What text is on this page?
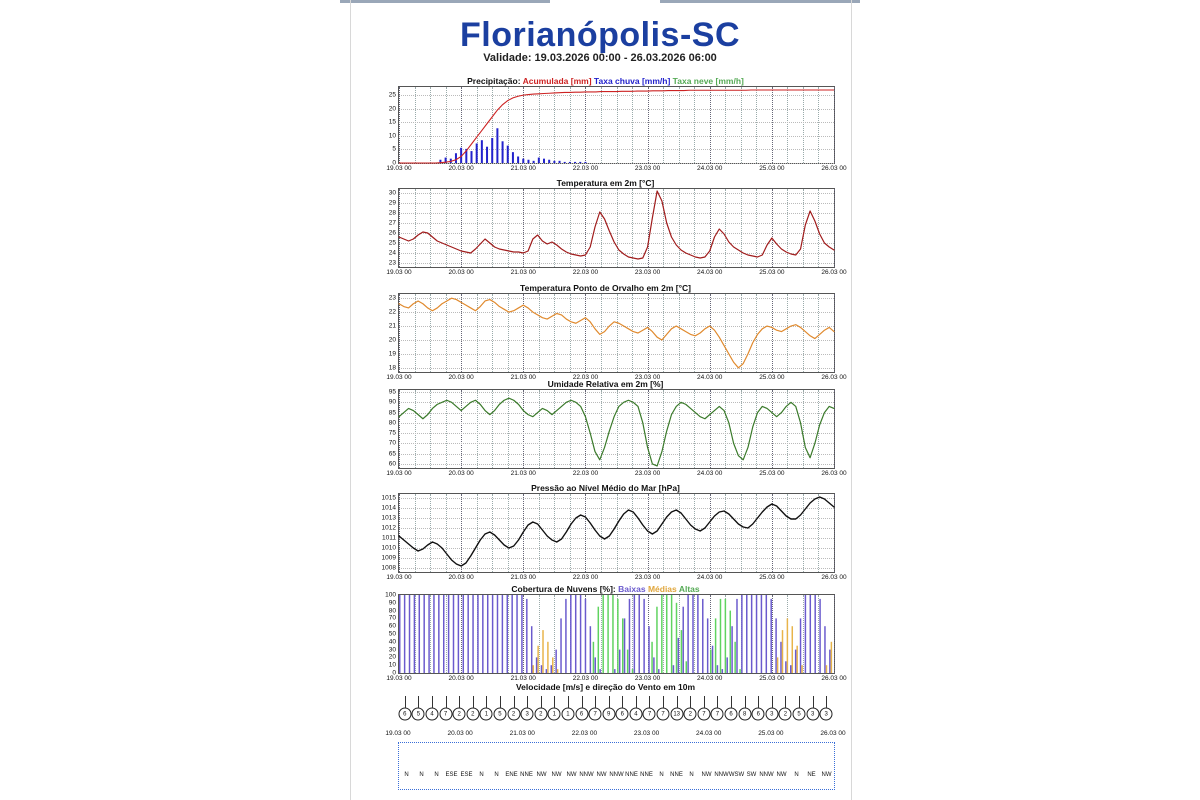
Florianópolis-SC
Validade: 19.03.2026 00:00 - 26.03.2026 06:00
Precipitação: Acumulada [mm] Taxa chuva [mm/h] Taxa neve [mm/h]
25
20
15
10
5
0
19.03 00	20.03 00	21.03 00	22.03 00	23.03 00	24.03 00	25.03 00	26.03 00
Temperatura em 2m [°C]
30
29
28
27
26
25
24
23
19.03 00	20.03 00	21.03 00	22.03 00	23.03 00	24.03 00	25.03 00	26.03 00
Temperatura Ponto de Orvalho em 2m [°C]
23
22
21
20
19
18
19.03 00	20.03 00	21.03 00	22.03 00	23.03 00	24.03 00	25.03 00	26.03 00
Umidade Relativa em 2m [%]
95
90
85
80
75
70
65
60
19.03 00	20.03 00	21.03 00	22.03 00	23.03 00	24.03 00	25.03 00	26.03 00
Pressão ao Nível Médio do Mar [hPa]
1015
1014
1013
1012
1011
1010
1009
1008
19.03 00	20.03 00	21.03 00	22.03 00	23.03 00	24.03 00	25.03 00	26.03 00
Cobertura de Nuvens [%]: Baixas Médias Altas
100
90
80
70
60
50
40
30
20
10
0
19.03 00	20.03 00	21.03 00	22.03 00	23.03 00	24.03 00	25.03 00	26.03 00
Velocidade [m/s] e direção do Vento em 10m
6	5	4	7	2	2	1	5	2	3	2	1	1	6	7	9	6	4	7	7	13	2	7	7	6	8	6	3	2	5	3	3
19.03 00	20.03 00	21.03 00	22.03 00	23.03 00	24.03 00	25.03 00	26.03 00
N N N ESE ESE N N ENE NNE NW NW NW NNW NW NNW NNE NNE N NNE N NW NNW WSW SW NNW NW N NE NW
